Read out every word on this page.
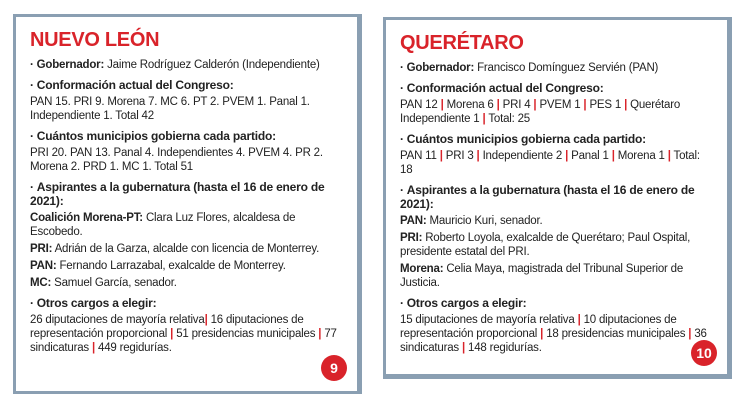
NUEVO LEÓN
· Gobernador: Jaime Rodríguez Calderón (Independiente)
· Conformación actual del Congreso:
PAN 15. PRI 9. Morena 7. MC 6. PT 2. PVEM 1. Panal 1. Independiente 1. Total 42
· Cuántos municipios gobierna cada partido:
PRI 20. PAN 13. Panal 4. Independientes 4. PVEM 4. PR 2. Morena 2. PRD 1. MC 1. Total 51
· Aspirantes a la gubernatura (hasta el 16 de enero de 2021):
Coalición Morena-PT: Clara Luz Flores, alcaldesa de Escobedo.
PRI: Adrián de la Garza, alcalde con licencia de Monterrey.
PAN: Fernando Larrazabal, exalcalde de Monterrey.
MC: Samuel García, senador.
· Otros cargos a elegir:
26 diputaciones de mayoría relativa| 16 diputaciones de representación proporcional | 51 presidencias municipales | 77 sindicaturas | 449 regidurías.
9
QUERÉTARO
· Gobernador: Francisco Domínguez Servién (PAN)
· Conformación actual del Congreso:
PAN 12 | Morena 6 | PRI 4 | PVEM 1 | PES 1 | Querétaro Independiente 1 | Total: 25
· Cuántos municipios gobierna cada partido:
PAN 11 | PRI 3 | Independiente 2 | Panal 1 | Morena 1 | Total: 18
· Aspirantes a la gubernatura (hasta el 16 de enero de 2021):
PAN: Mauricio Kuri, senador.
PRI: Roberto Loyola, exalcalde de Querétaro; Paul Ospital, presidente estatal del PRI.
Morena: Celia Maya, magistrada del Tribunal Superior de Justicia.
· Otros cargos a elegir:
15 diputaciones de mayoría relativa | 10 diputaciones de representación proporcional | 18 presidencias municipales | 36 sindicaturas | 148 regidurías.	10
